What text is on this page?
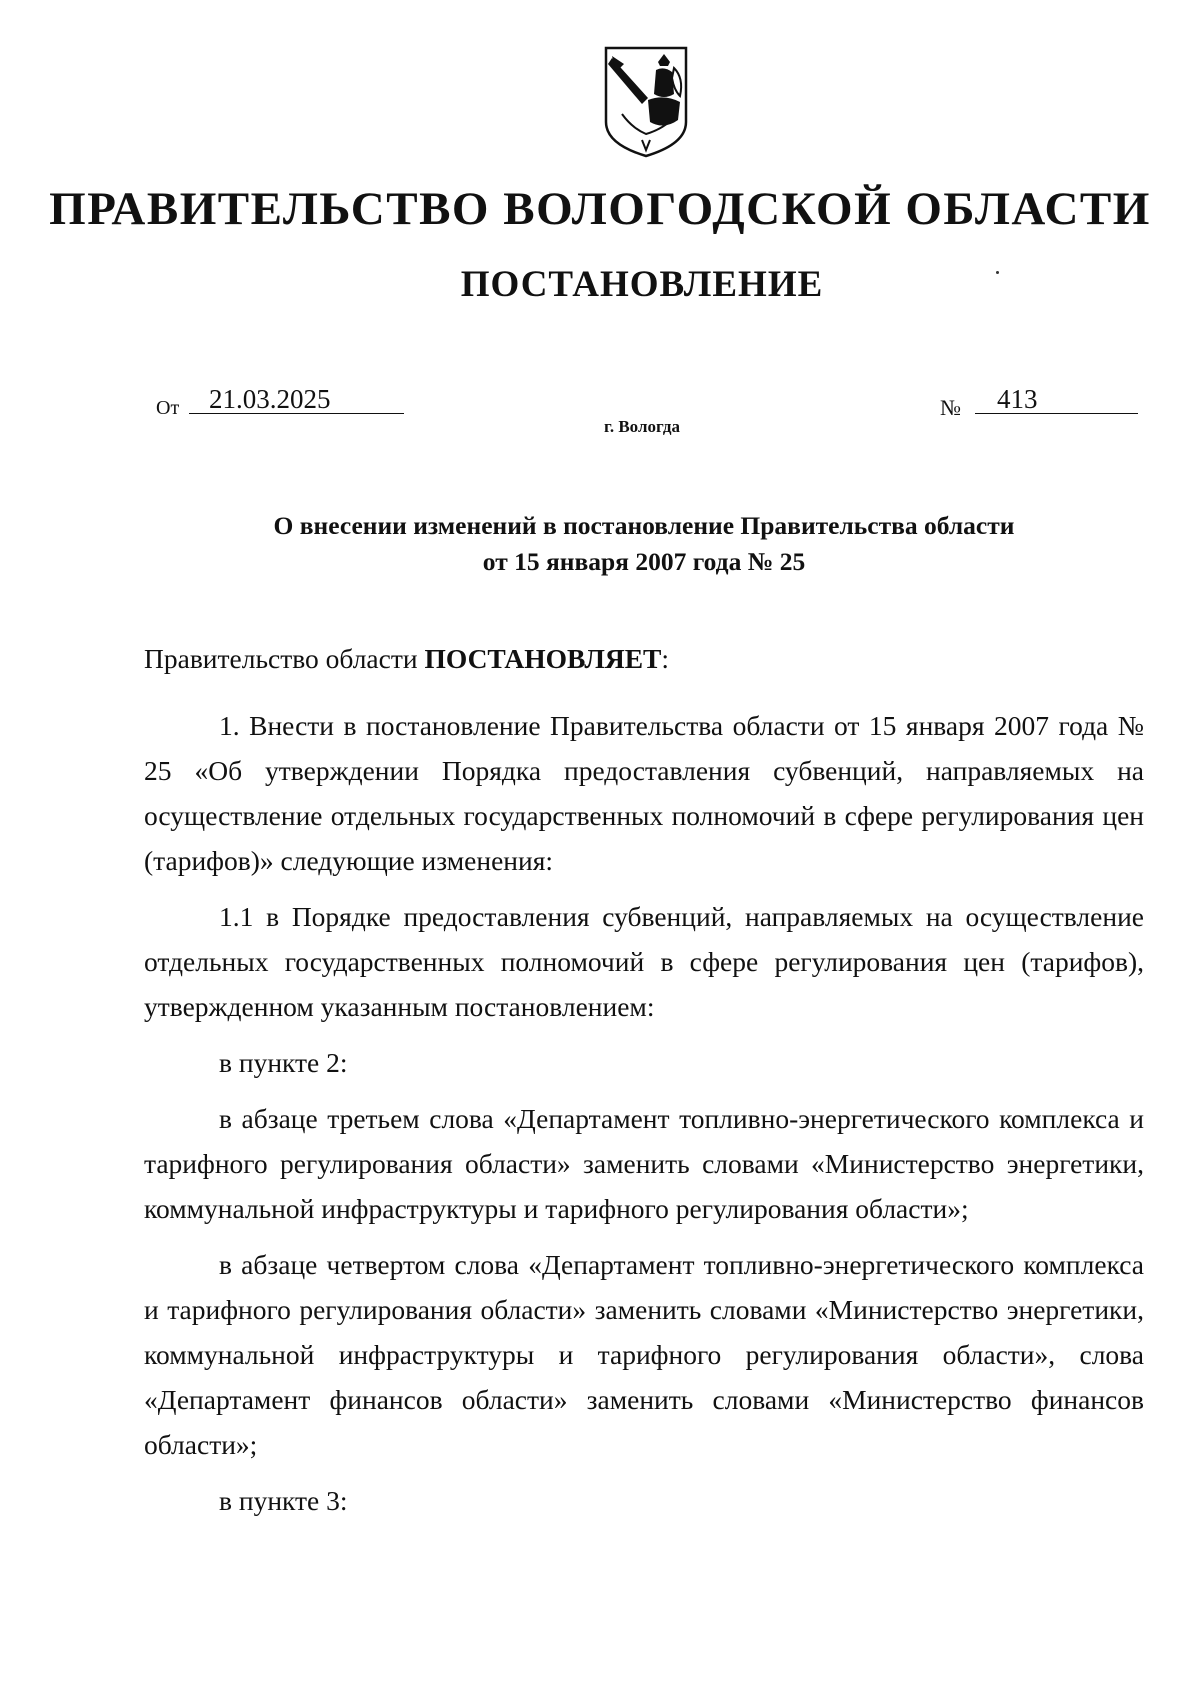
ПРАВИТЕЛЬСТВО ВОЛОГОДСКОЙ ОБЛАСТИ
ПОСТАНОВЛЕНИЕ
От	21.03.2025	№	413
г. Вологда
О внесении изменений в постановление Правительства области
от 15 января 2007 года № 25

Правительство области ПОСТАНОВЛЯЕТ:

1. Внести в постановление Правительства области от 15 января 2007 года № 25 «Об утверждении Порядка предоставления субвенций, направляемых на осуществление отдельных государственных полномочий в сфере регулирования цен (тарифов)» следующие изменения:

1.1 в Порядке предоставления субвенций, направляемых на осуществление отдельных государственных полномочий в сфере регулирования цен (тарифов), утвержденном указанным постановлением:

в пункте 2:

в абзаце третьем слова «Департамент топливно-энергетического комплекса и тарифного регулирования области» заменить словами «Министерство энергетики, коммунальной инфраструктуры и тарифного регулирования области»;

в абзаце четвертом слова «Департамент топливно-энергетического комплекса и тарифного регулирования области» заменить словами «Министерство энергетики, коммунальной инфраструктуры и тарифного регулирования области», слова «Департамент финансов области» заменить словами «Министерство финансов области»;

в пункте 3:
